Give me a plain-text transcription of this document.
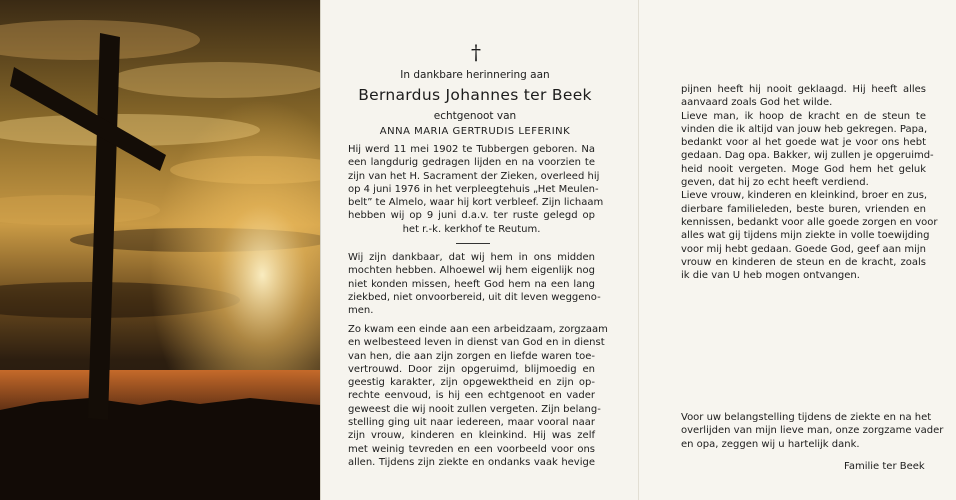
†
In dankbare herinnering aan
Bernardus Johannes ter Beek
echtgenoot van
ANNA MARIA GERTRUDIS LEFERINK

Hij werd 11 mei 1902 te Tubbergen geboren. Na
een langdurig gedragen lijden en na voorzien te
zijn van het H. Sacrament der Zieken, overleed hij
op 4 juni 1976 in het verpleegtehuis „Het Meulen-
belt” te Almelo, waar hij kort verbleef. Zijn lichaam
hebben wij op 9 juni d.a.v. ter ruste gelegd op
het r.-k. kerkhof te Reutum.

Wij zijn dankbaar, dat wij hem in ons midden
mochten hebben. Alhoewel wij hem eigenlijk nog
niet konden missen, heeft God hem na een lang
ziekbed, niet onvoorbereid, uit dit leven weggeno-
men.

Zo kwam een einde aan een arbeidzaam, zorgzaam
en welbesteed leven in dienst van God en in dienst
van hen, die aan zijn zorgen en liefde waren toe-
vertrouwd. Door zijn opgeruimd, blijmoedig en
geestig karakter, zijn opgewektheid en zijn op-
rechte eenvoud, is hij een echtgenoot en vader
geweest die wij nooit zullen vergeten. Zijn belang-
stelling ging uit naar iedereen, maar vooral naar
zijn vrouw, kinderen en kleinkind. Hij was zelf
met weinig tevreden en een voorbeeld voor ons
allen. Tijdens zijn ziekte en ondanks vaak hevige

pijnen heeft hij nooit geklaagd. Hij heeft alles
aanvaard zoals God het wilde.
Lieve man, ik hoop de kracht en de steun te
vinden die ik altijd van jouw heb gekregen. Papa,
bedankt voor al het goede wat je voor ons hebt
gedaan. Dag opa. Bakker, wij zullen je opgeruimd-
heid nooit vergeten. Moge God hem het geluk
geven, dat hij zo echt heeft verdiend.
Lieve vrouw, kinderen en kleinkind, broer en zus,
dierbare familieleden, beste buren, vrienden en
kennissen, bedankt voor alle goede zorgen en voor
alles wat gij tijdens mijn ziekte in volle toewijding
voor mij hebt gedaan. Goede God, geef aan mijn
vrouw en kinderen de steun en de kracht, zoals
ik die van U heb mogen ontvangen.

Voor uw belangstelling tijdens de ziekte en na het
overlijden van mijn lieve man, onze zorgzame vader
en opa, zeggen wij u hartelijk dank.

Familie ter Beek
